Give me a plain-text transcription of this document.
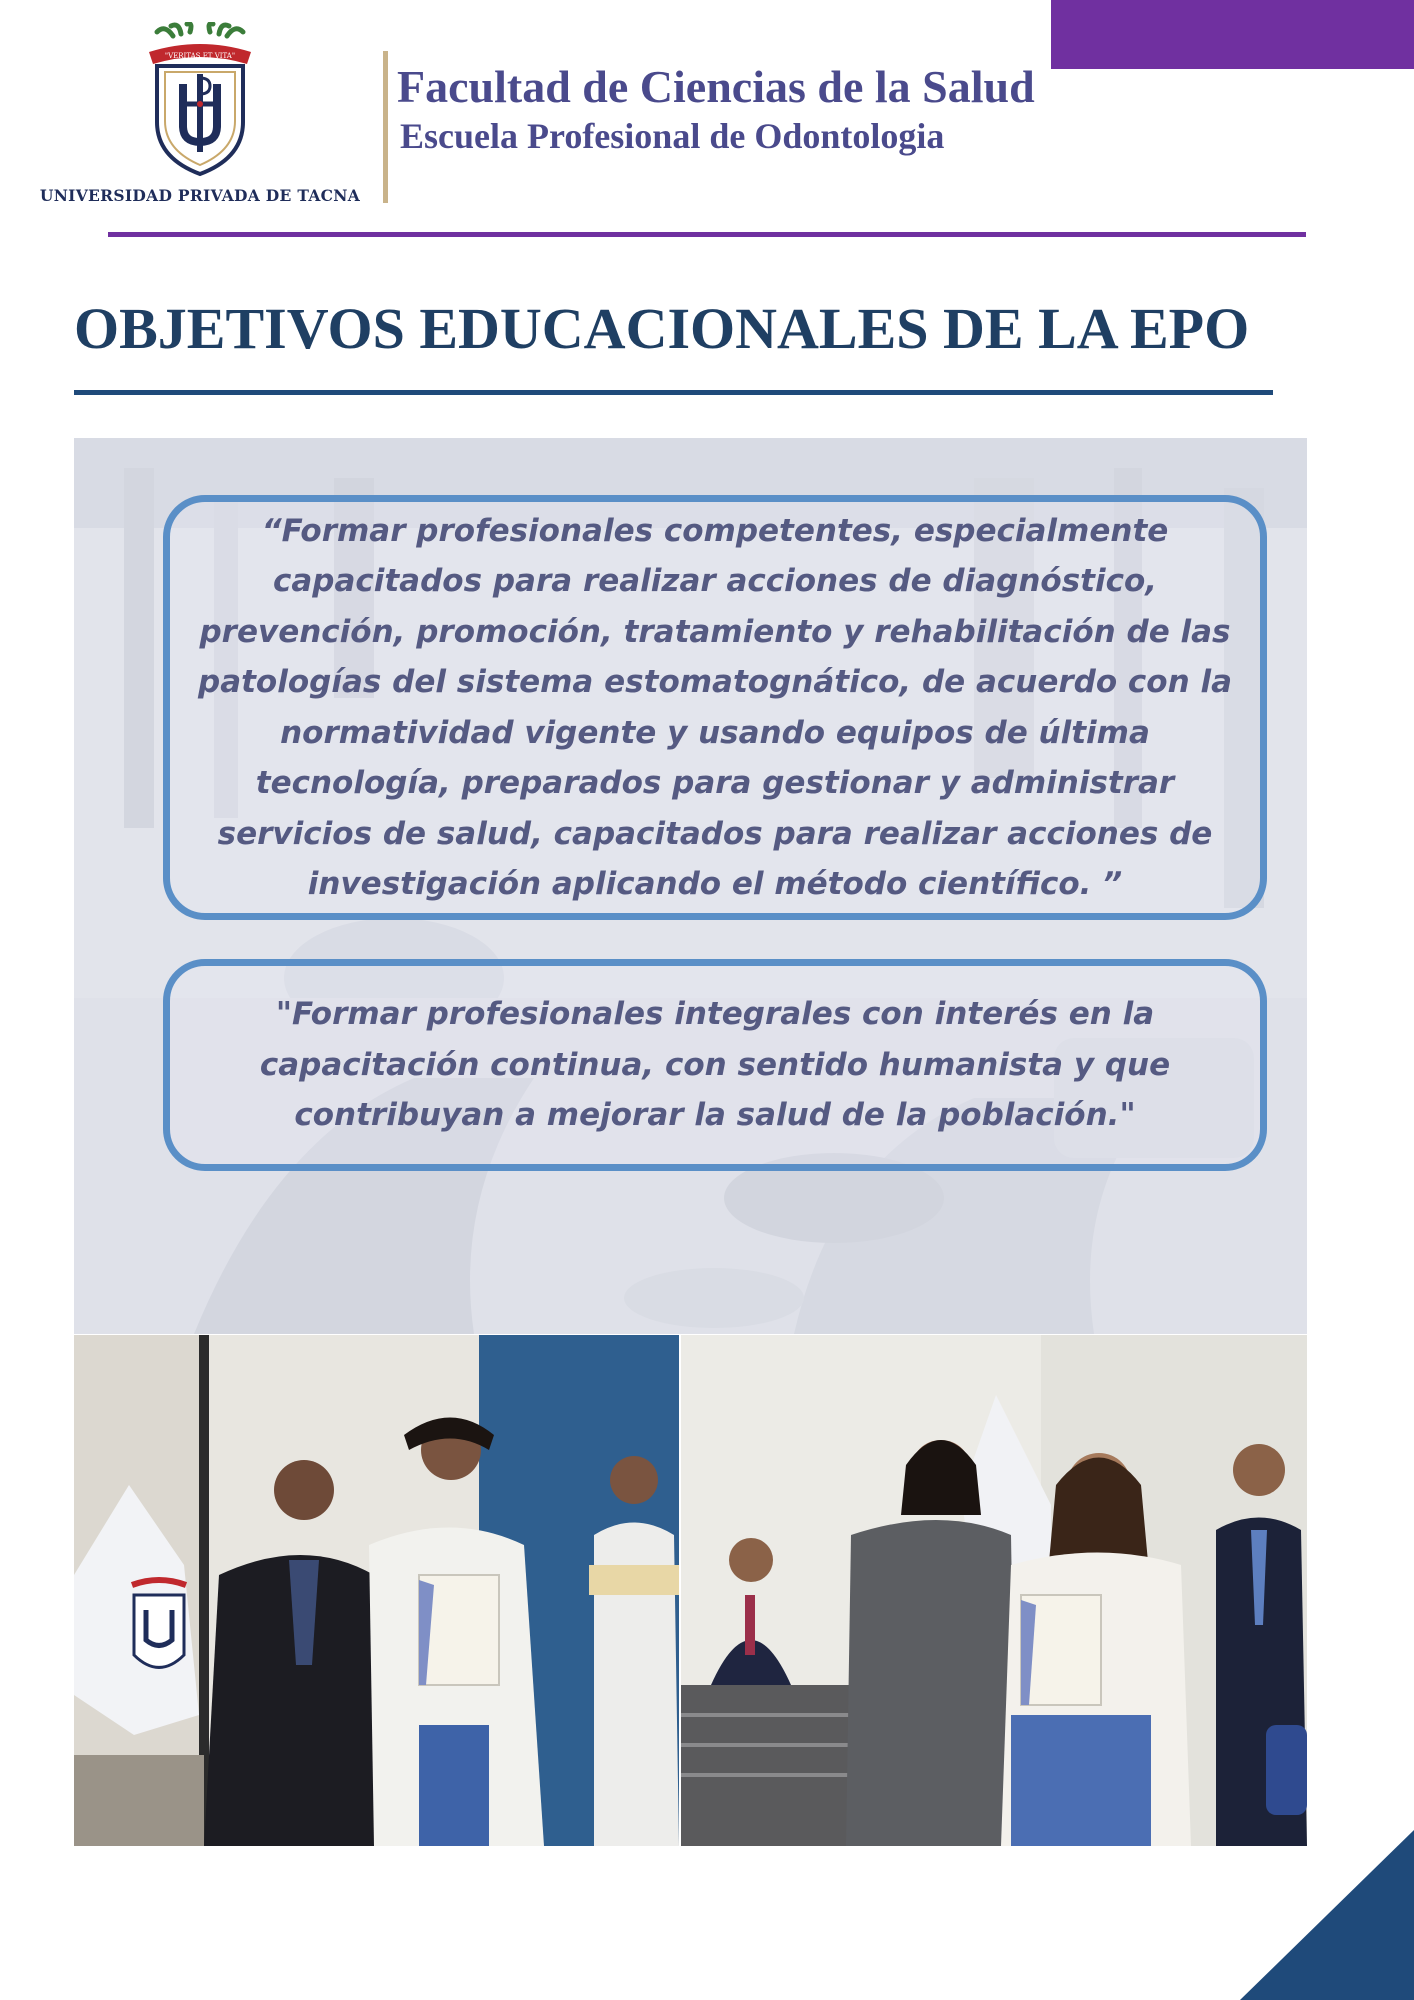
"VERITAS ET VITA"
UNIVERSIDAD PRIVADA DE TACNA
Facultad de Ciencias de la Salud
Escuela Profesional de Odontologia
OBJETIVOS EDUCACIONALES DE LA EPO
“Formar profesionales competentes, especialmente capacitados para realizar acciones de diagnóstico, prevención, promoción, tratamiento y rehabilitación de las patologías del sistema estomatognático, de acuerdo con la normatividad vigente y usando equipos de última tecnología, preparados para gestionar y administrar servicios de salud, capacitados para realizar acciones de investigación aplicando el método científico. ”
"Formar profesionales integrales con interés en la capacitación continua, con sentido humanista y que contribuyan a mejorar la salud de la población."
